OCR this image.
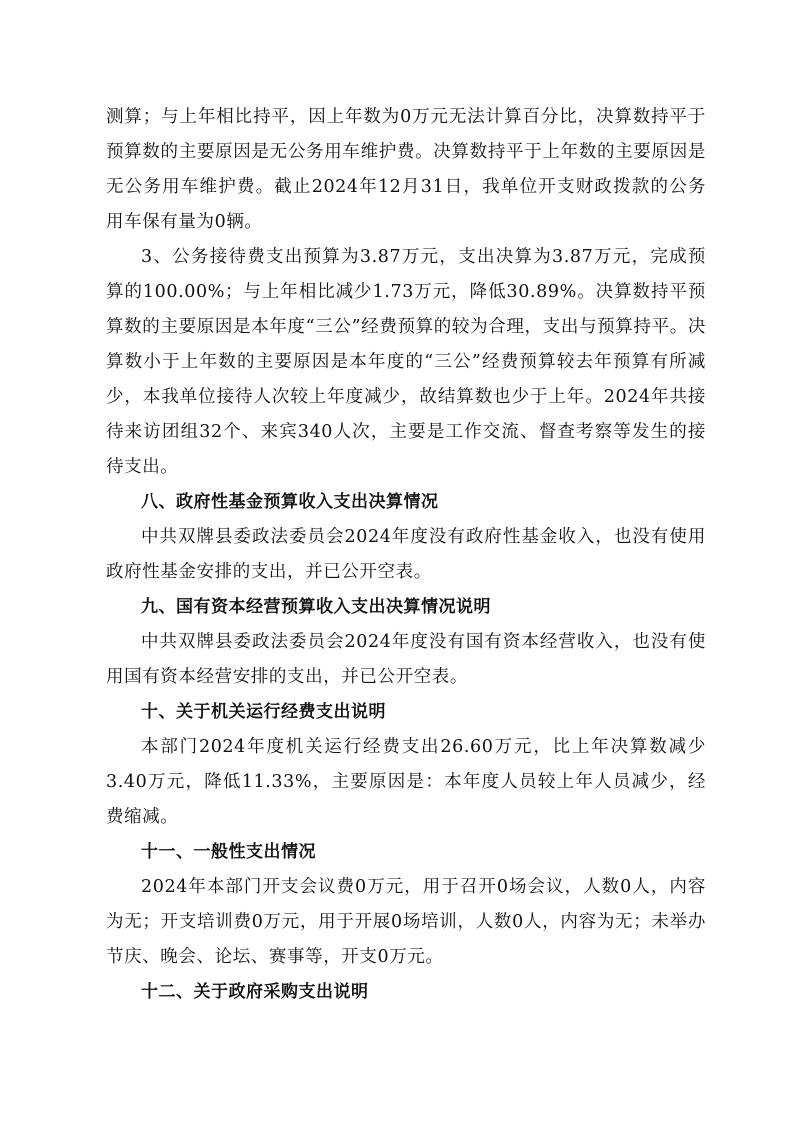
测算；与上年相比持平，因上年数为0万元无法计算百分比，决算数持平于预算数的主要原因是无公务用车维护费。决算数持平于上年数的主要原因是无公务用车维护费。截止2024年12月31日，我单位开支财政拨款的公务用车保有量为0辆。

3、公务接待费支出预算为3.87万元，支出决算为3.87万元，完成预算的100.00%；与上年相比减少1.73万元，降低30.89%。决算数持平预算数的主要原因是本年度“三公”经费预算的较为合理，支出与预算持平。决算数小于上年数的主要原因是本年度的“三公”经费预算较去年预算有所减少，本我单位接待人次较上年度减少，故结算数也少于上年。2024年共接待来访团组32个、来宾340人次，主要是工作交流、督查考察等发生的接待支出。

八、政府性基金预算收入支出决算情况

中共双牌县委政法委员会2024年度没有政府性基金收入，也没有使用政府性基金安排的支出，并已公开空表。

九、国有资本经营预算收入支出决算情况说明

中共双牌县委政法委员会2024年度没有国有资本经营收入，也没有使用国有资本经营安排的支出，并已公开空表。

十、关于机关运行经费支出说明

本部门2024年度机关运行经费支出26.60万元，比上年决算数减少3.40万元，降低11.33%，主要原因是：本年度人员较上年人员减少，经费缩减。

十一、一般性支出情况

2024年本部门开支会议费0万元，用于召开0场会议，人数0人，内容为无；开支培训费0万元，用于开展0场培训，人数0人，内容为无；未举办节庆、晚会、论坛、赛事等，开支0万元。

十二、关于政府采购支出说明
